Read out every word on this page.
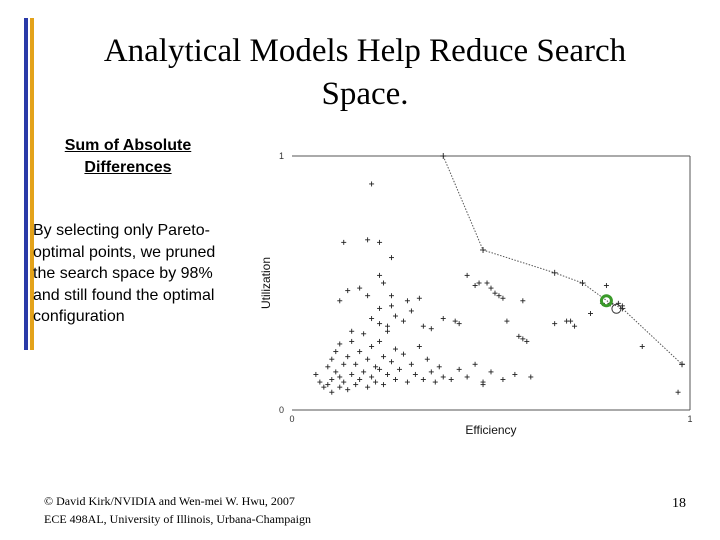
Analytical Models Help Reduce Search Space.
Sum of Absolute Differences
By selecting only Pareto-optimal points, we pruned the search space by 98% and still found the optimal configuration
1
0
0	1
Efficiency
Utilization
© David Kirk/NVIDIA and Wen-mei W. Hwu, 2007
ECE 498AL, University of Illinois, Urbana-Champaign
18
